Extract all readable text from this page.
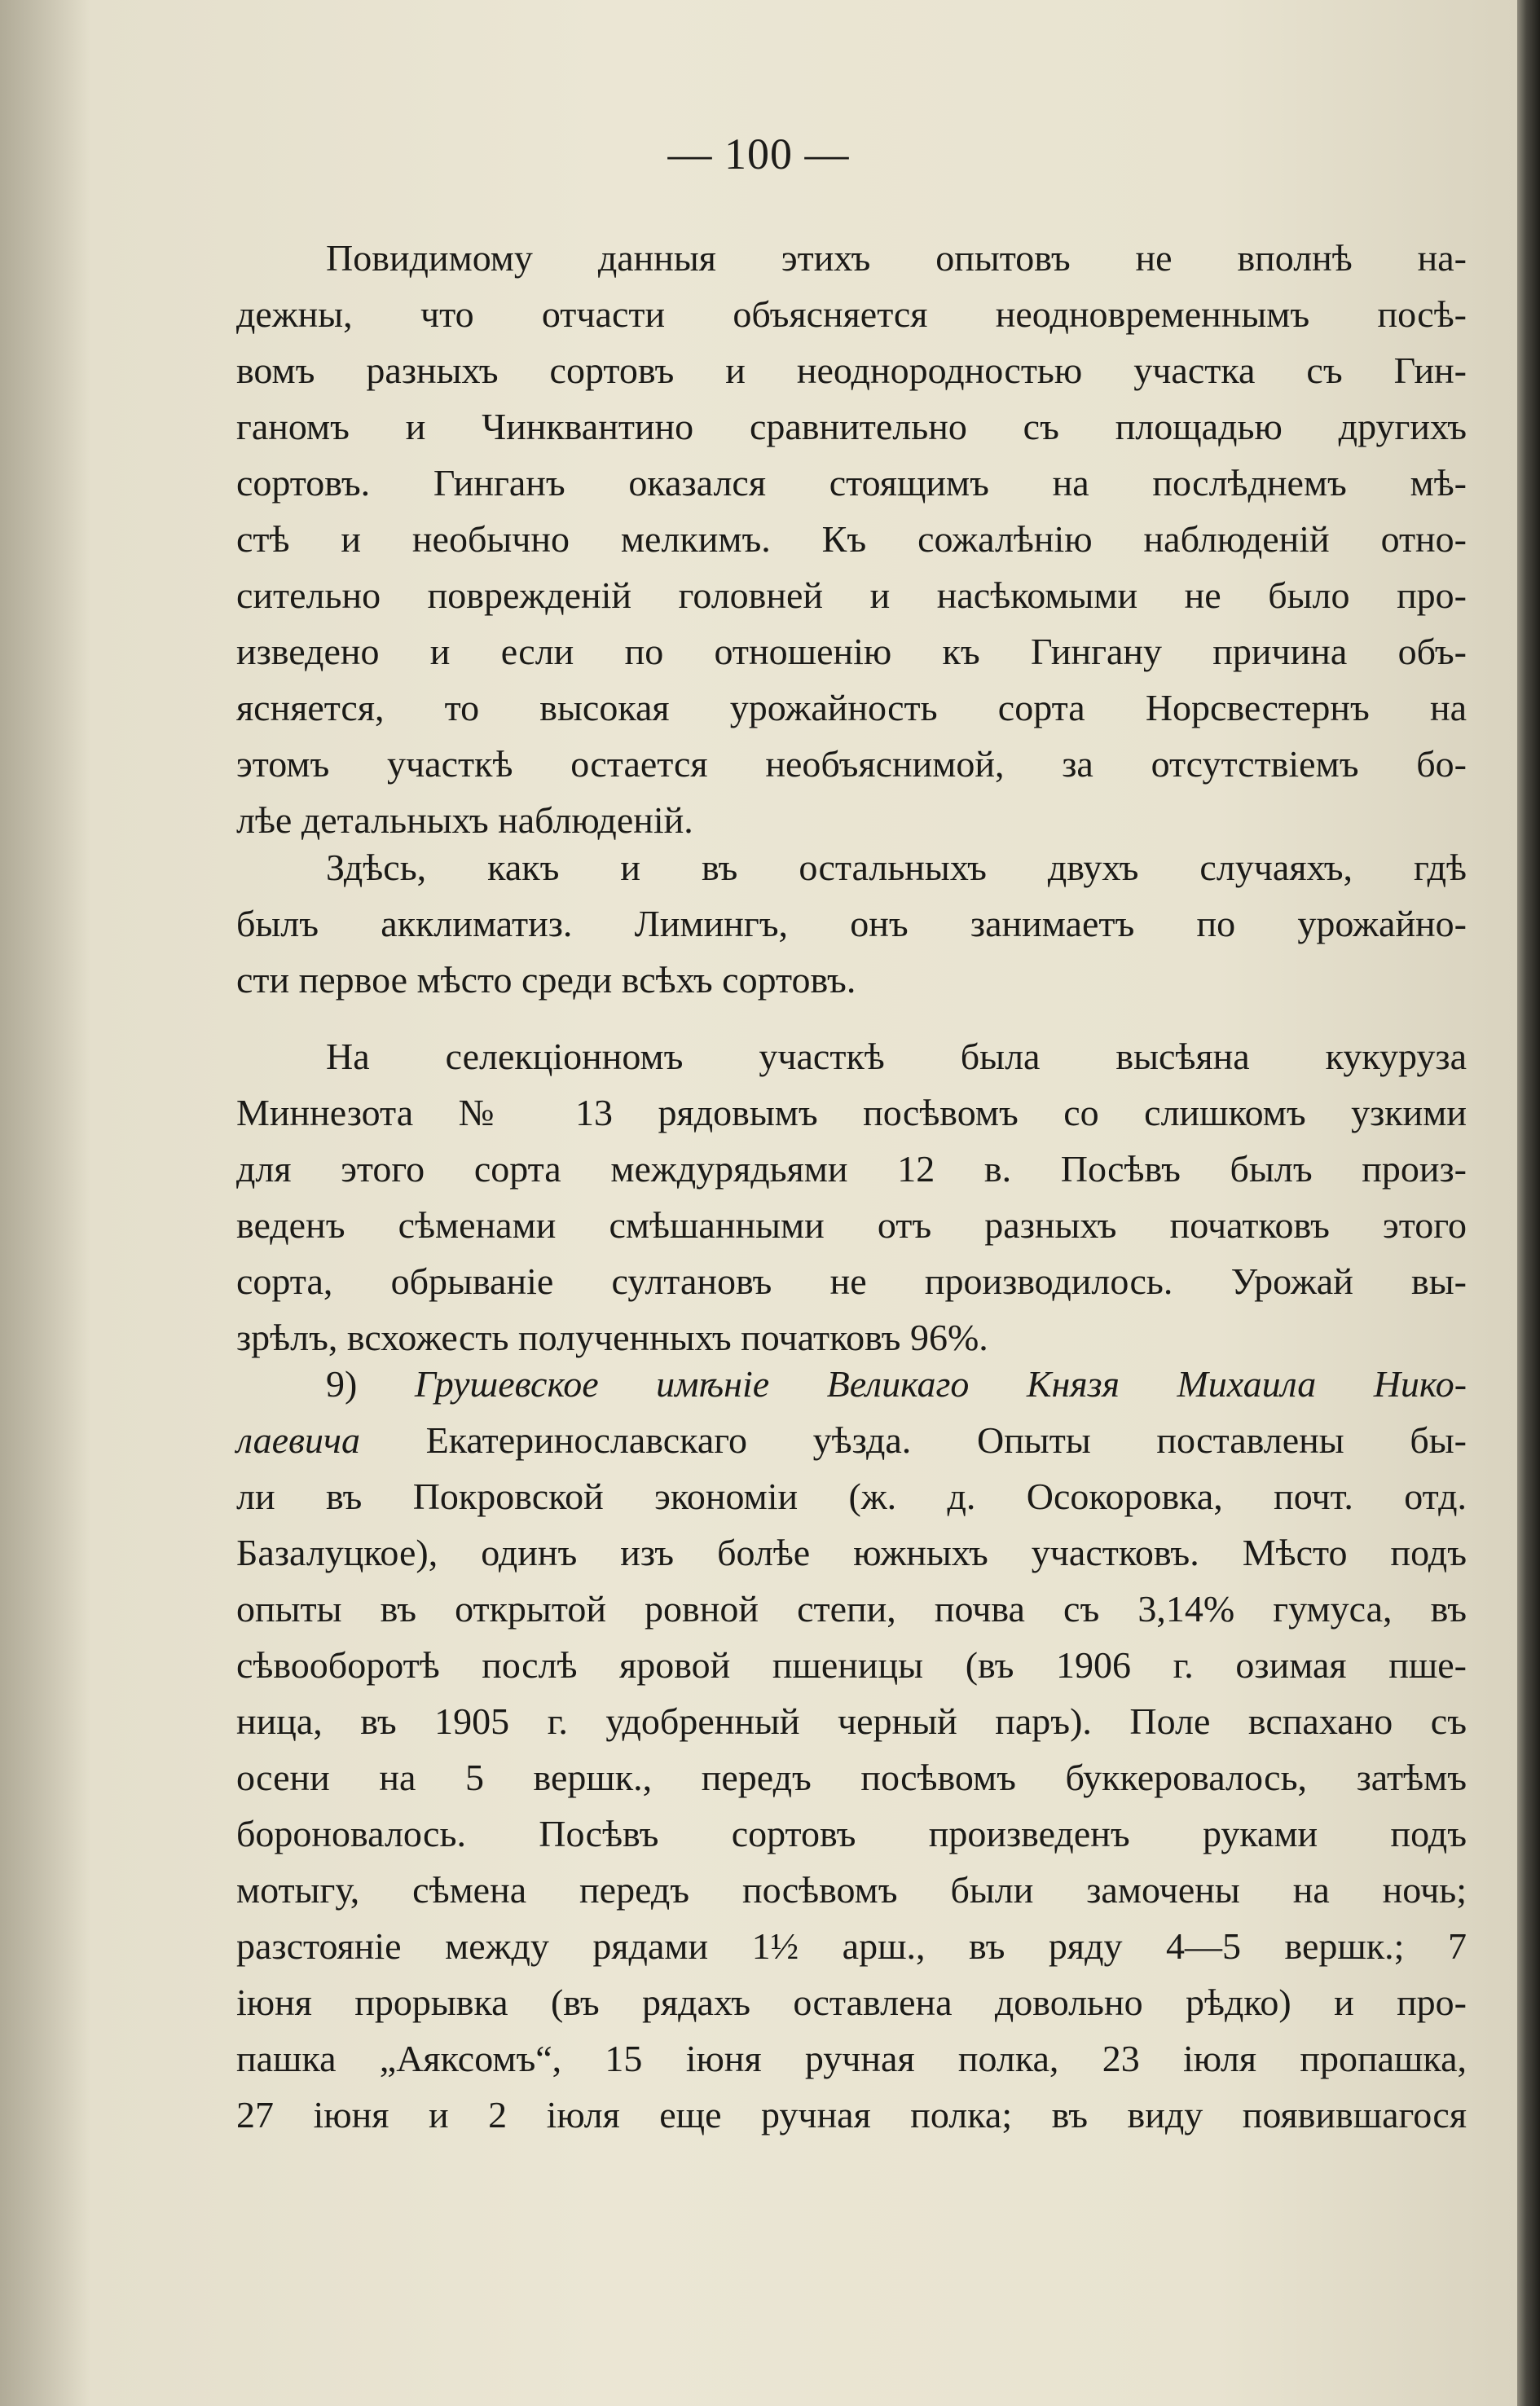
— 100 —
Повидимому данныя этихъ опытовъ не вполнѣ на-
дежны, что отчасти объясняется неодновременнымъ посѣ-
вомъ разныхъ сортовъ и неоднородностью участка съ Гин-
ганомъ и Чинквантино сравнительно съ площадью другихъ
сортовъ. Гинганъ оказался стоящимъ на послѣднемъ мѣ-
стѣ и необычно мелкимъ. Къ сожалѣнію наблюденій отно-
сительно поврежденій головней и насѣкомыми не было про-
изведено и если по отношенію къ Гингану причина объ-
ясняется, то высокая урожайность сорта Норсвестернъ на
этомъ участкѣ остается необъяснимой, за отсутствіемъ бо-
лѣе детальныхъ наблюденій.
Здѣсь, какъ и въ остальныхъ двухъ случаяхъ, гдѣ
былъ акклиматиз. Лимингъ, онъ занимаетъ по урожайно-
сти первое мѣсто среди всѣхъ сортовъ.
На селекціонномъ участкѣ была высѣяна кукуруза
Миннезота № 13 рядовымъ посѣвомъ со слишкомъ узкими
для этого сорта междурядьями 12 в. Посѣвъ былъ произ-
веденъ сѣменами смѣшанными отъ разныхъ початковъ этого
сорта, обрываніе султановъ не производилось. Урожай вы-
зрѣлъ, всхожесть полученныхъ початковъ 96%.
9) Грушевское имѣніе Великаго Князя Михаила Нико-
лаевича Екатеринославскаго уѣзда. Опыты поставлены бы-
ли въ Покровской экономіи (ж. д. Осокоровка, почт. отд.
Базалуцкое), одинъ изъ болѣе южныхъ участковъ. Мѣсто подъ
опыты въ открытой ровной степи, почва съ 3,14% гумуса, въ
сѣвооборотѣ послѣ яровой пшеницы (въ 1906 г. озимая пше-
ница, въ 1905 г. удобренный черный паръ). Поле вспахано съ
осени на 5 вершк., передъ посѣвомъ буккеровалось, затѣмъ
бороновалось. Посѣвъ сортовъ произведенъ руками подъ
мотыгу, сѣмена передъ посѣвомъ были замочены на ночь;
разстояніе между рядами 1½ арш., въ ряду 4—5 вершк.; 7
іюня прорывка (въ рядахъ оставлена довольно рѣдко) и про-
пашка „Аяксомъ“, 15 іюня ручная полка, 23 іюля пропашка,
27 іюня и 2 іюля еще ручная полка; въ виду появившагося
